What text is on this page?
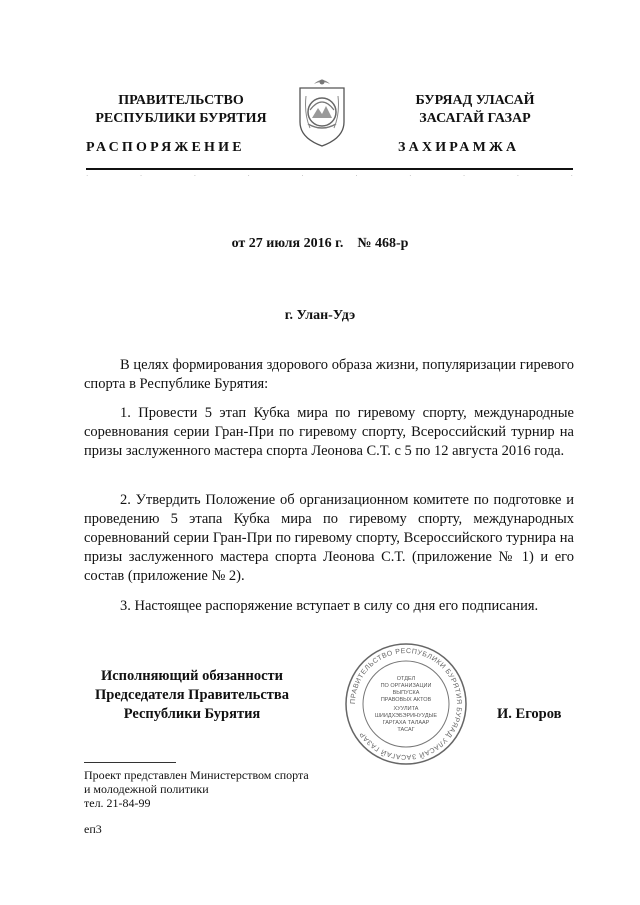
ПРАВИТЕЛЬСТВО
РЕСПУБЛИКИ БУРЯТИЯ
БУРЯАД УЛАСАЙ
ЗАСАГАЙ ГАЗАР
РАСПОРЯЖЕНИЕ	ЗАХИРАМЖА
·	·	·	·	·	·	·	·	·	·
от 27 июля 2016 г.    № 468-р
г. Улан-Удэ

В целях формирования здорового образа жизни, популяризации гиревого спорта в Республике Бурятия:

1. Провести 5 этап Кубка мира по гиревому спорту, международные соревнования серии Гран-При по гиревому спорту, Всероссийский турнир на призы заслуженного мастера спорта Леонова С.Т. с 5 по 12 августа 2016 года.

2. Утвердить Положение об организационном комитете по подготовке и проведению 5 этапа Кубка мира по гиревому спорту, международных соревнований серии Гран-При по гиревому спорту, Всероссийского турнира на призы заслуженного мастера спорта Леонова С.Т. (приложение № 1) и его состав (приложение № 2).

3. Настоящее распоряжение вступает в силу со дня его подписания.

Исполняющий обязанности
Председателя Правительства
Республики Бурятия	И. Егоров
ПРАВИТЕЛЬСТВО РЕСПУБЛИКИ БУРЯТИЯ БУРЯАД УЛАСАЙ ЗАСАГАЙ ГАЗАР
ОТДЕЛ
ПО ОРГАНИЗАЦИИ
ВЫПУСКА
ПРАВОВЫХ АКТОВ
ХУУЛИТА
ШИИДХЭБЭРИНУУДЫЕ
ГАРГАХА ТАЛААР
ТАСАГ
Проект представлен Министерством спорта
и молодежной политики
тел. 21-84-99
еп3
